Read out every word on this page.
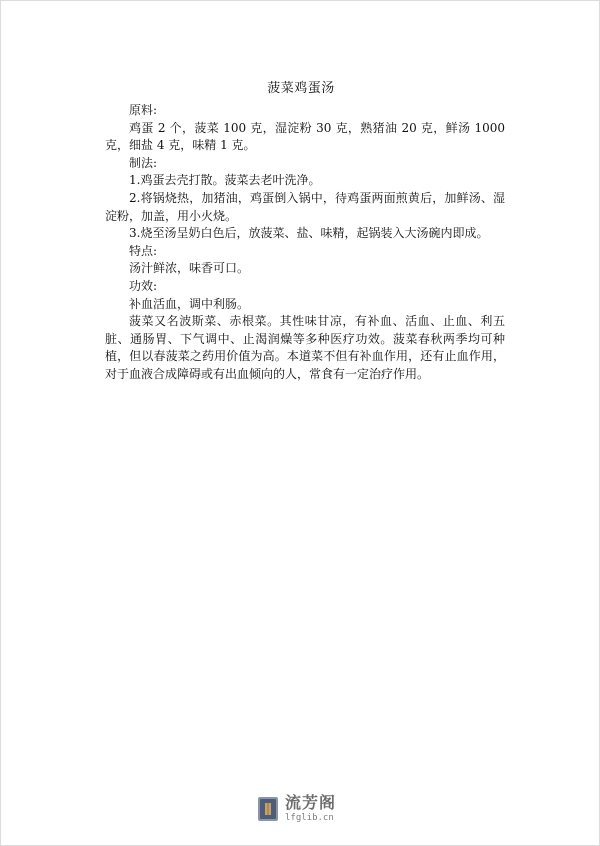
菠菜鸡蛋汤

原料:

鸡蛋 2 个，菠菜 100 克，湿淀粉 30 克，熟猪油 20 克，鲜汤 1000 克，细盐 4 克，味精 1 克。

制法:

1.鸡蛋去壳打散。菠菜去老叶洗净。

2.将锅烧热，加猪油，鸡蛋倒入锅中，待鸡蛋两面煎黄后，加鲜汤、湿淀粉，加盖，用小火烧。

3.烧至汤呈奶白色后，放菠菜、盐、味精，起锅装入大汤碗内即成。

特点:

汤汁鲜浓，味香可口。

功效:

补血活血，调中利肠。

菠菜又名波斯菜、赤根菜。其性味甘凉，有补血、活血、止血、利五脏、通肠胃、下气调中、止渴润燥等多种医疗功效。菠菜春秋两季均可种植，但以春菠菜之药用价值为高。本道菜不但有补血作用，还有止血作用，对于血液合成障碍或有出血倾向的人，常食有一定治疗作用。

流芳阁
lfglib.cn
